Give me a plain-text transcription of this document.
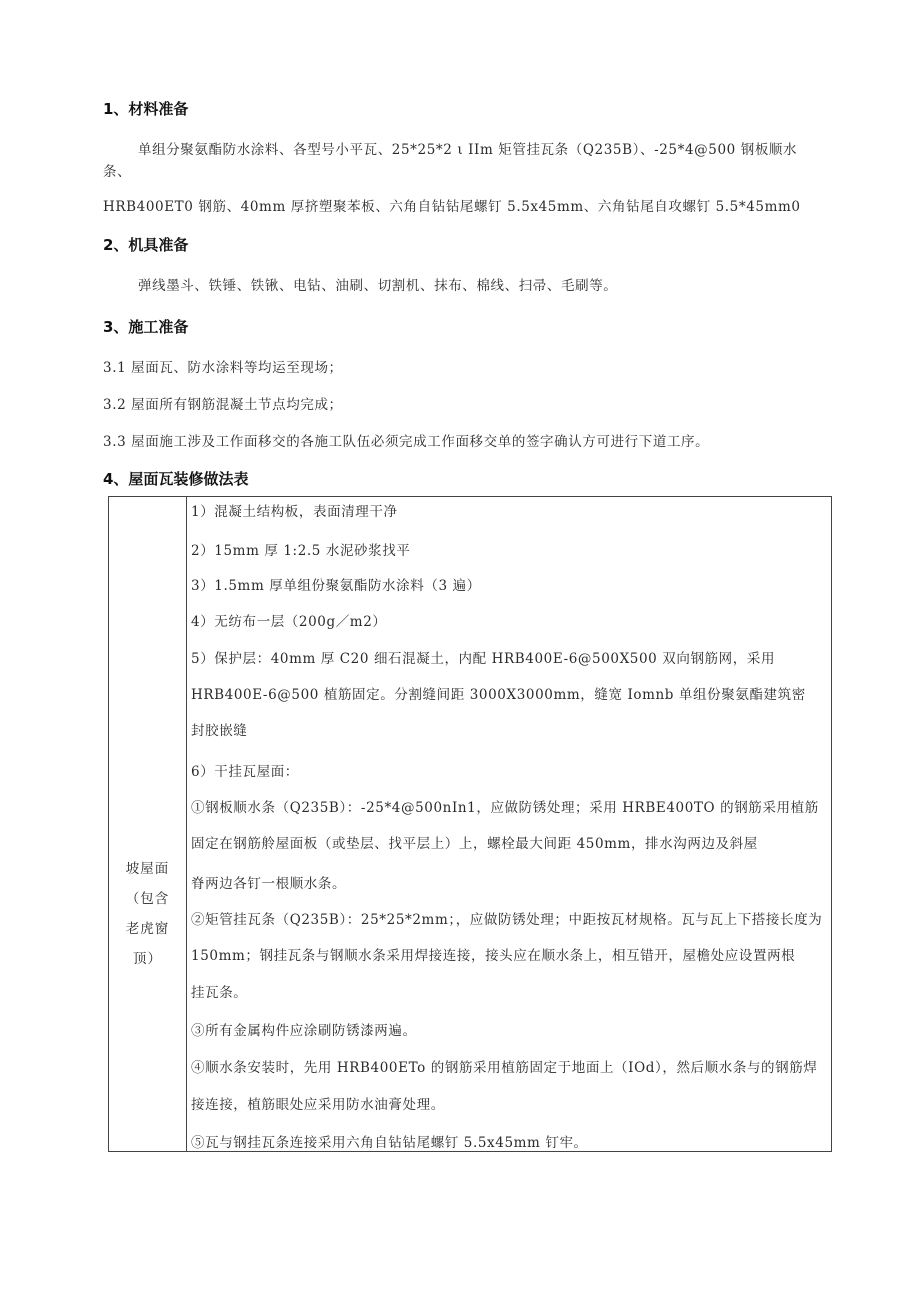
1、材料准备
单组分聚氨酯防水涂料、各型号小平瓦、25*25*2 ι IIm 矩管挂瓦条（Q235B）、-25*4@500 钢板顺水
条、
HRB400ET0 钢筋、40mm 厚挤塑聚苯板、六角自钻钻尾螺钉 5.5x45mm、六角钻尾自攻螺钉 5.5*45mm0
2、机具准备
弹线墨斗、铁锤、铁锹、电钻、油刷、切割机、抹布、棉线、扫帚、毛刷等。
3、施工准备
3.1 屋面瓦、防水涂料等均运至现场；
3.2 屋面所有钢筋混凝土节点均完成；
3.3 屋面施工涉及工作面移交的各施工队伍必须完成工作面移交单的签字确认方可进行下道工序。
4、屋面瓦装修做法表
坡屋面
（包含
老虎窗
顶）

1）混凝土结构板，表面清理干净
2）15mm 厚 1:2.5 水泥砂浆找平
3）1.5mm 厚单组份聚氨酯防水涂料（3 遍）
4）无纺布一层（200g／m2）
5）保护层：40mm 厚 C20 细石混凝土，内配 HRB400E-6@500X500 双向钢筋网，采用
HRB400E-6@500 植筋固定。分割缝间距 3000X3000mm，缝宽 Iomnb 单组份聚氨酯建筑密
封胶嵌缝
6）干挂瓦屋面：
①钢板顺水条（Q235B）：-25*4@500nIn1，应做防锈处理；采用 HRBE400TO 的钢筋采用植筋
固定在钢筋舲屋面板（或垫层、找平层上）上，螺栓最大间距 450mm，排水沟两边及斜屋
脊两边各钉一根顺水条。
②矩管挂瓦条（Q235B）：25*25*2mm；，应做防锈处理；中距按瓦材规格。瓦与瓦上下搭接长度为
150mm；钢挂瓦条与钢顺水条采用焊接连接，接头应在顺水条上，相互错开，屋檐处应设置两根
挂瓦条。
③所有金属构件应涂刷防锈漆两遍。
④顺水条安装时，先用 HRB400ETo 的钢筋采用植筋固定于地面上（IOd），然后顺水条与的钢筋焊
接连接，植筋眼处应采用防水油膏处理。
⑤瓦与钢挂瓦条连接采用六角自钻钻尾螺钉 5.5x45mm 钉牢。
